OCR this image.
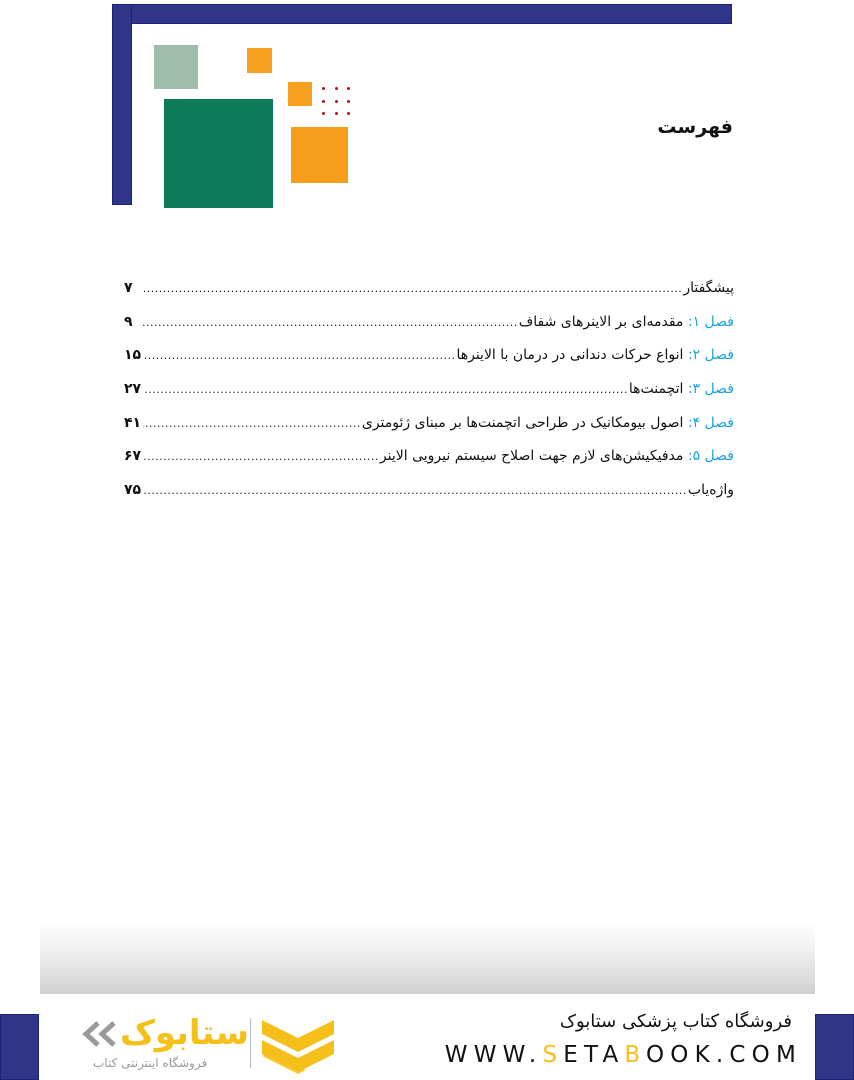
فهرست
پیشگفتار
.....
۷
فصل ۱: مقدمه‌ای بر الاینرهای شفاف
.....
۹
فصل ۲: انواع حرکات دندانی در درمان با الاینرها
.....
۱۵
فصل ۳: اتچمنت‌ها
.....
۲۷
فصل ۴: اصول بیومکانیک در طراحی اتچمنت‌ها بر مبنای ژئومتری
.....
۴۱
فصل ۵: مدفیکیشن‌های لازم جهت اصلاح سیستم نیرویی الاینر
.....
۶۷
واژه‌یاب
.....
۷۵
ستابوک
فروشگاه اینترنتی کتاب
فروشگاه کتاب پزشکی ستابوک
WWW.SETABOOK.COM
